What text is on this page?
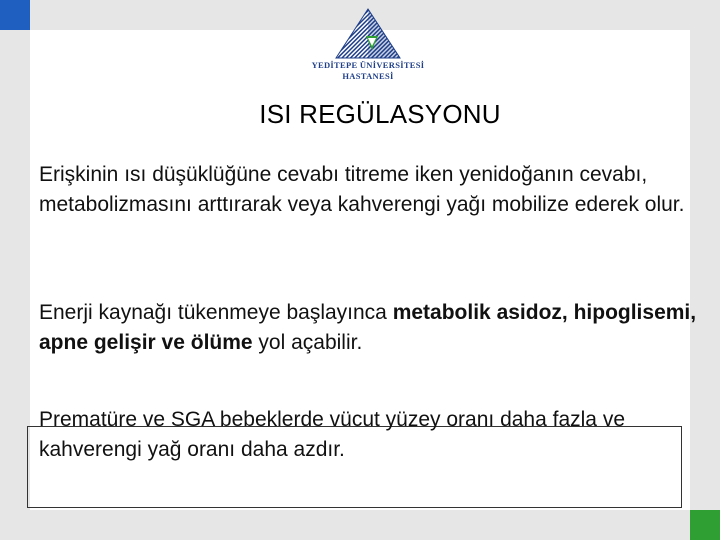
YEDİTEPE ÜNİVERSİTESİ
HASTANESİ
ISI REGÜLASYONU
Erişkinin ısı düşüklüğüne cevabı titreme iken yenidoğanın cevabı, metabolizmasını arttırarak veya kahverengi yağı mobilize ederek olur.
Enerji kaynağı tükenmeye başlayınca metabolik asidoz, hipoglisemi, apne gelişir ve ölüme yol açabilir.
Prematüre ve SGA bebeklerde vücut yüzey oranı daha fazla ve kahverengi yağ oranı daha azdır.
